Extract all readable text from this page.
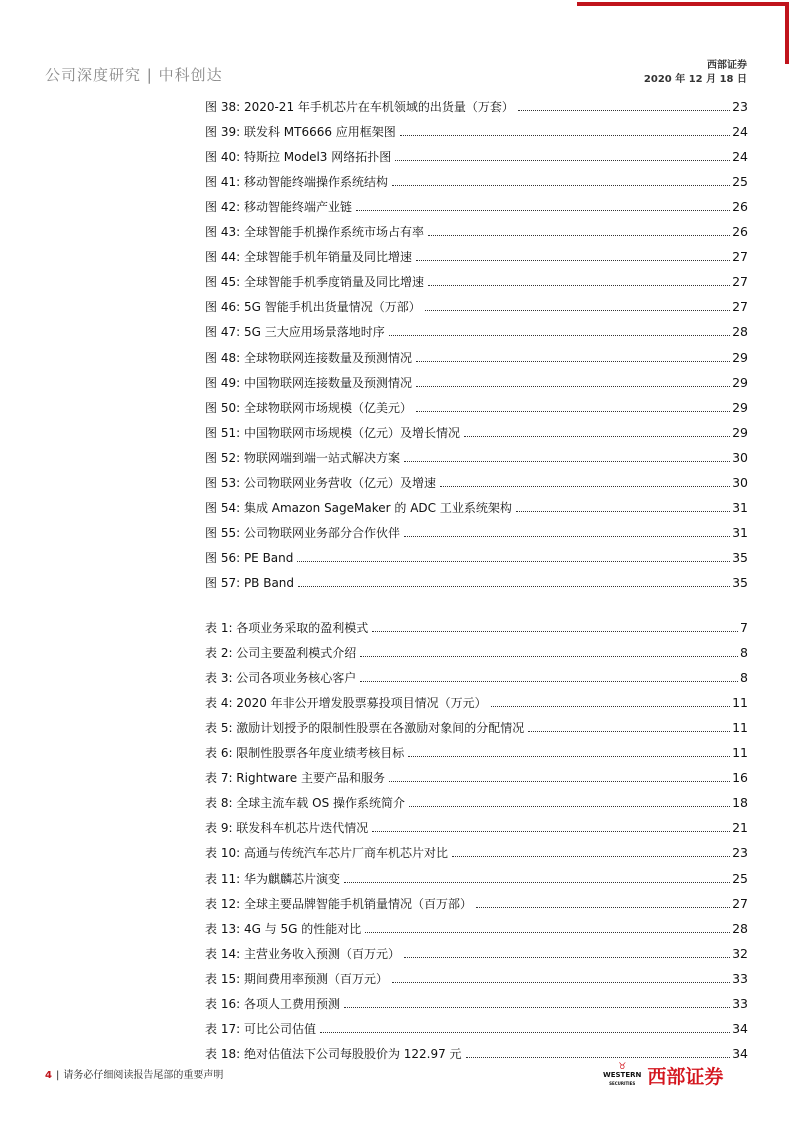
公司深度研究 | 中科创达
西部证券
2020 年 12 月 18 日
图 38: 2020-21 年手机芯片在车机领域的出货量（万套）	23
图 39: 联发科 MT6666 应用框架图	24
图 40: 特斯拉 Model3 网络拓扑图	24
图 41: 移动智能终端操作系统结构	25
图 42: 移动智能终端产业链	26
图 43: 全球智能手机操作系统市场占有率	26
图 44: 全球智能手机年销量及同比增速	27
图 45: 全球智能手机季度销量及同比增速	27
图 46: 5G 智能手机出货量情况（万部）	27
图 47: 5G 三大应用场景落地时序	28
图 48: 全球物联网连接数量及预测情况	29
图 49: 中国物联网连接数量及预测情况	29
图 50: 全球物联网市场规模（亿美元）	29
图 51: 中国物联网市场规模（亿元）及增长情况	29
图 52: 物联网端到端一站式解决方案	30
图 53: 公司物联网业务营收（亿元）及增速	30
图 54: 集成 Amazon SageMaker 的 ADC 工业系统架构	31
图 55: 公司物联网业务部分合作伙伴	31
图 56: PE Band	35
图 57: PB Band	35
表 1: 各项业务采取的盈利模式	7
表 2: 公司主要盈利模式介绍	8
表 3: 公司各项业务核心客户	8
表 4: 2020 年非公开增发股票募投项目情况（万元）	11
表 5: 激励计划授予的限制性股票在各激励对象间的分配情况	11
表 6: 限制性股票各年度业绩考核目标	11
表 7: Rightware 主要产品和服务	16
表 8: 全球主流车载 OS 操作系统简介	18
表 9: 联发科车机芯片迭代情况	21
表 10: 高通与传统汽车芯片厂商车机芯片对比	23
表 11: 华为麒麟芯片演变	25
表 12: 全球主要品牌智能手机销量情况（百万部）	27
表 13: 4G 与 5G 的性能对比	28
表 14: 主营业务收入预测（百万元）	32
表 15: 期间费用率预测（百万元）	33
表 16: 各项人工费用预测	33
表 17: 可比公司估值	34
表 18: 绝对估值法下公司每股股价为 122.97 元	34
4 | 请务必仔细阅读报告尾部的重要声明
♉
WESTERN
SECURITIES 西部证券
